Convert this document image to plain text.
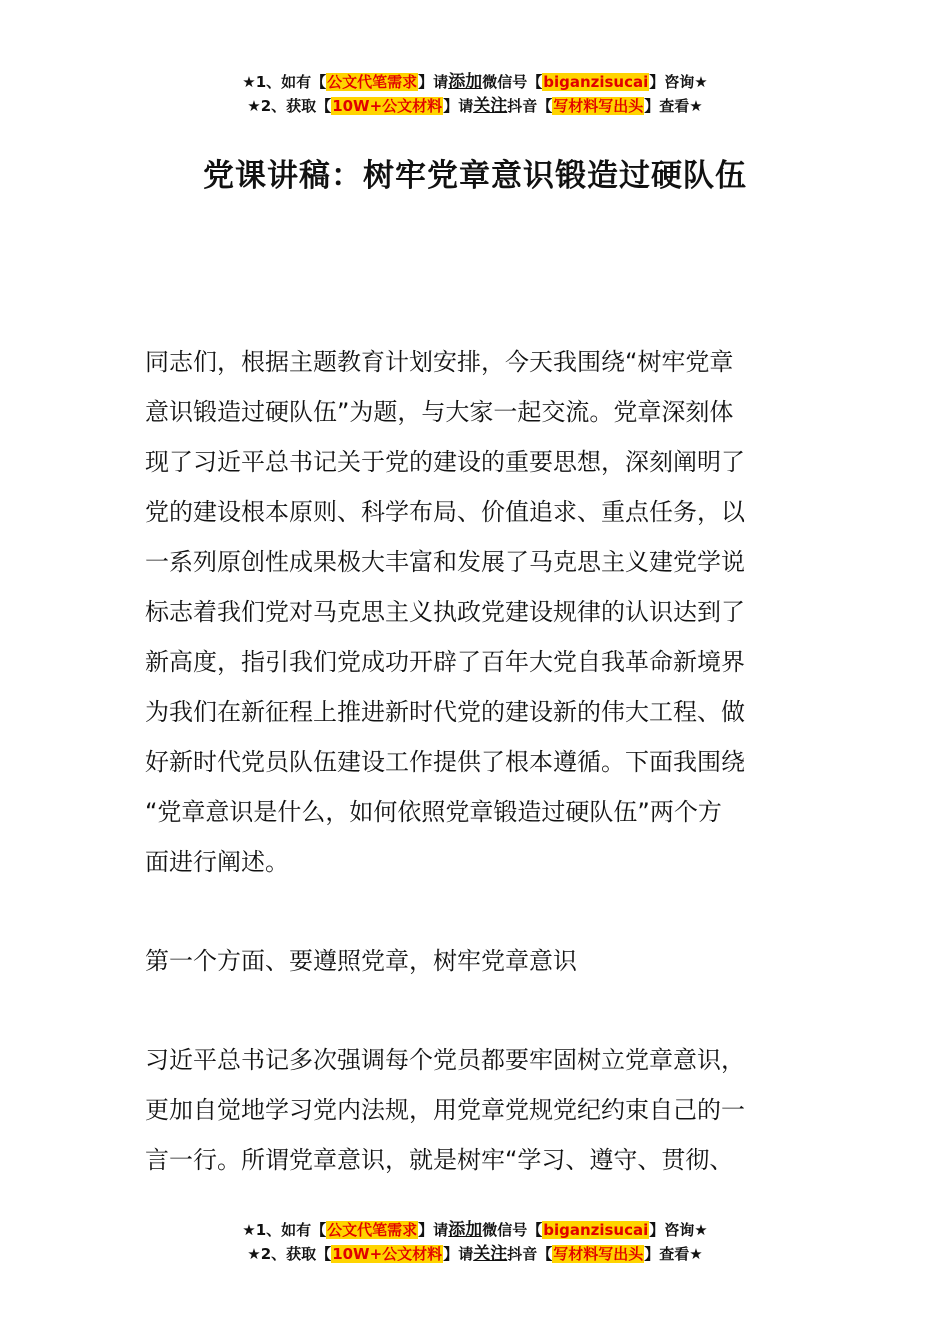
★1、如有【公文代笔需求】请添加微信号【biganzisucai】咨询★
★2、获取【10W+公文材料】请关注抖音【写材料写出头】查看★
党课讲稿：树牢党章意识锻造过硬队伍
同志们，根据主题教育计划安排，今天我围绕“树牢党章
意识锻造过硬队伍”为题，与大家一起交流。党章深刻体
现了习近平总书记关于党的建设的重要思想，深刻阐明了
党的建设根本原则、科学布局、价值追求、重点任务，以
一系列原创性成果极大丰富和发展了马克思主义建党学说
标志着我们党对马克思主义执政党建设规律的认识达到了
新高度，指引我们党成功开辟了百年大党自我革命新境界
为我们在新征程上推进新时代党的建设新的伟大工程、做
好新时代党员队伍建设工作提供了根本遵循。下面我围绕
“党章意识是什么，如何依照党章锻造过硬队伍”两个方
面进行阐述。
第一个方面、要遵照党章，树牢党章意识
习近平总书记多次强调每个党员都要牢固树立党章意识，
更加自觉地学习党内法规，用党章党规党纪约束自己的一
言一行。所谓党章意识，就是树牢“学习、遵守、贯彻、
★1、如有【公文代笔需求】请添加微信号【biganzisucai】咨询★
★2、获取【10W+公文材料】请关注抖音【写材料写出头】查看★
